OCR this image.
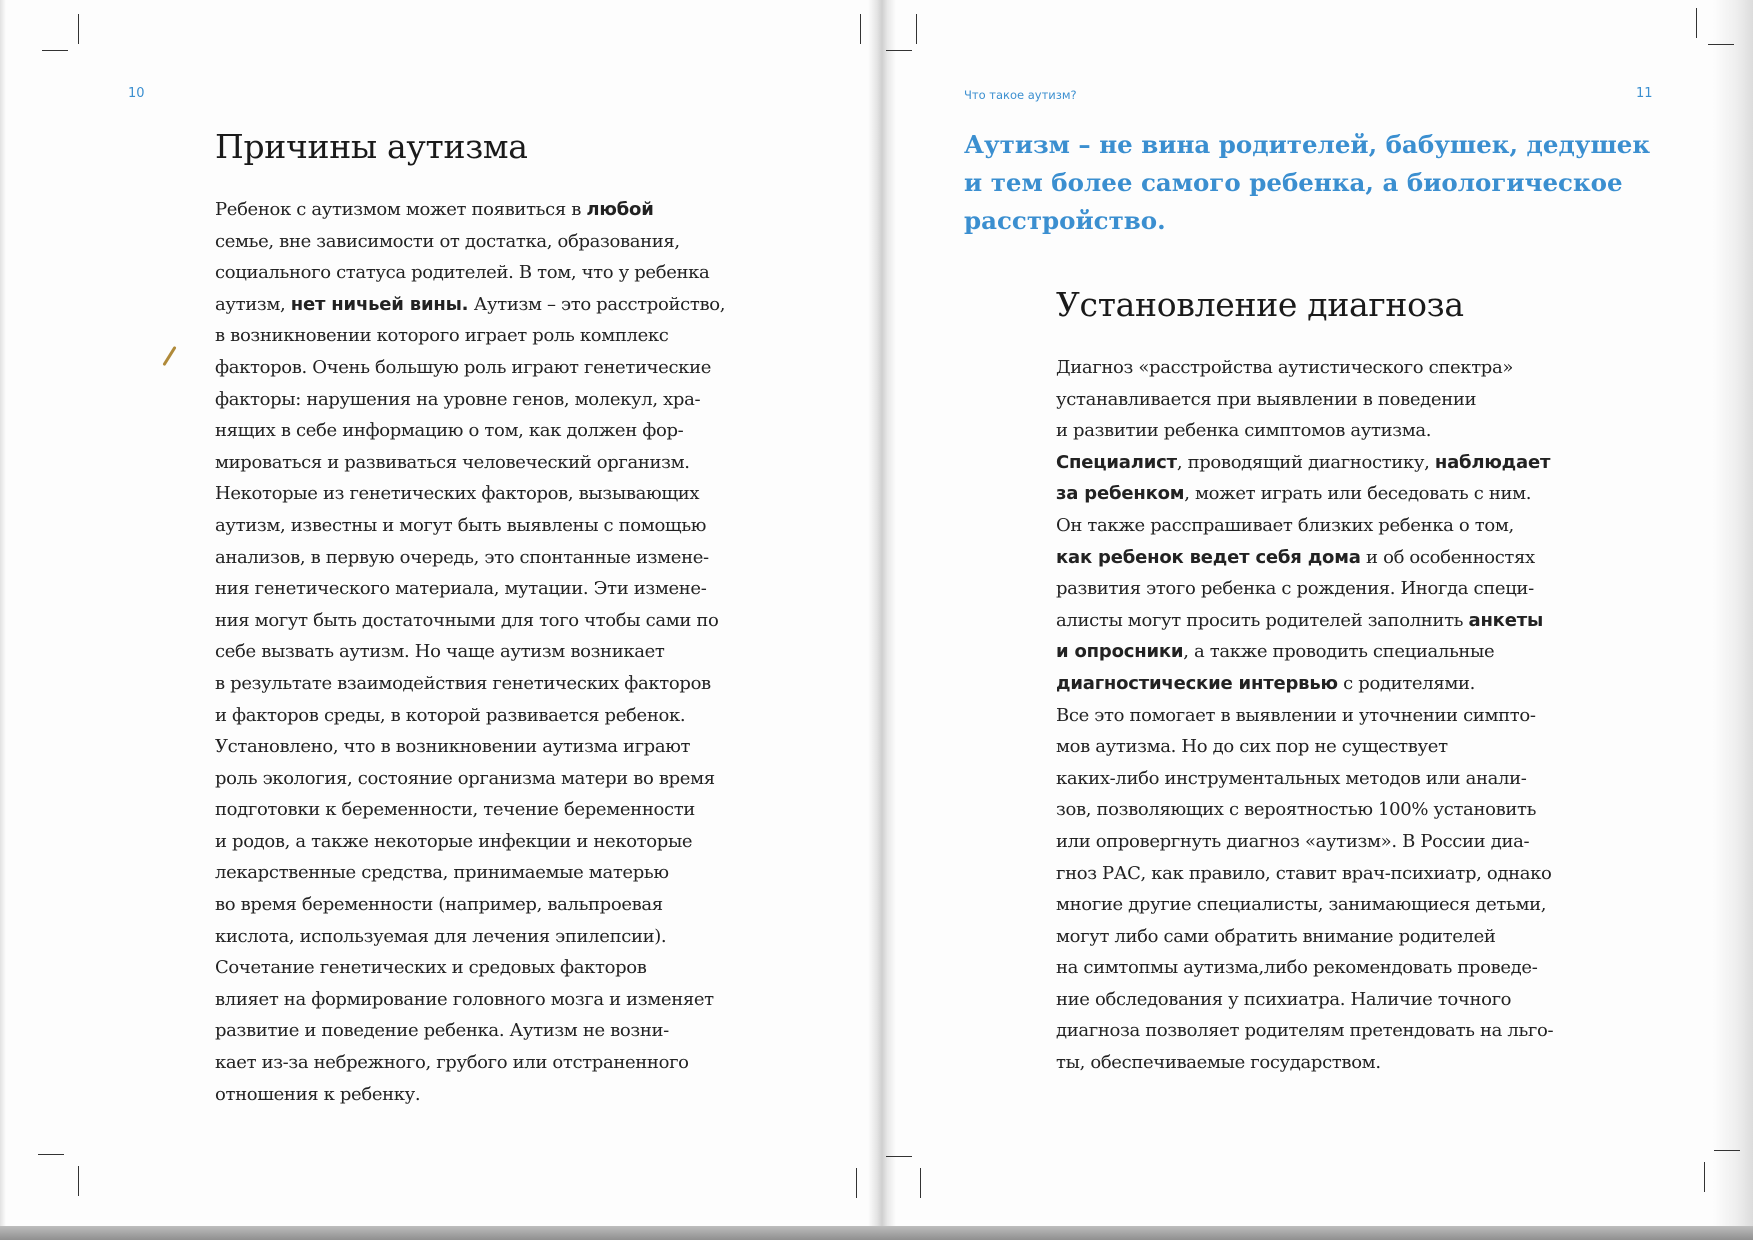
10
Причины аутизма
Ребенок с аутизмом может появиться в любой
семье, вне зависимости от достатка, образования,
социального статуса родителей. В том, что у ребенка
аутизм, нет ничьей вины. Аутизм – это расстройство,
в возникновении которого играет роль комплекс
факторов. Очень большую роль играют генетические
факторы: нарушения на уровне генов, молекул, хра-
нящих в себе информацию о том, как должен фор-
мироваться и развиваться человеческий организм.
Некоторые из генетических факторов, вызывающих
аутизм, известны и могут быть выявлены с помощью
анализов, в первую очередь, это спонтанные измене-
ния генетического материала, мутации. Эти измене-
ния могут быть достаточными для того чтобы сами по
себе вызвать аутизм. Но чаще аутизм возникает
в результате взаимодействия генетических факторов
и факторов среды, в которой развивается ребенок.
Установлено, что в возникновении аутизма играют
роль экология, состояние организма матери во время
подготовки к беременности, течение беременности
и родов, а также некоторые инфекции и некоторые
лекарственные средства, принимаемые матерью
во время беременности (например, вальпроевая
кислота, используемая для лечения эпилепсии).
Сочетание генетических и средовых факторов
влияет на формирование головного мозга и изменяет
развитие и поведение ребенка. Аутизм не возни-
кает из-за небрежного, грубого или отстраненного
отношения к ребенку.
Что такое аутизм?	11
Аутизм – не вина родителей, бабушек, дедушек
и тем более самого ребенка, а биологическое
расстройство.
Установление диагноза
Диагноз «расстройства аутистического спектра»
устанавливается при выявлении в поведении
и развитии ребенка симптомов аутизма.
Специалист, проводящий диагностику, наблюдает
за ребенком, может играть или беседовать с ним.
Он также расспрашивает близких ребенка о том,
как ребенок ведет себя дома и об особенностях
развития этого ребенка с рождения. Иногда специ-
алисты могут просить родителей заполнить анкеты
и опросники, а также проводить специальные
диагностические интервью с родителями.
Все это помогает в выявлении и уточнении симпто-
мов аутизма. Но до сих пор не существует
каких-либо инструментальных методов или анали-
зов, позволяющих с вероятностью 100% установить
или опровергнуть диагноз «аутизм». В России диа-
гноз РАС, как правило, ставит врач-психиатр, однако
многие другие специалисты, занимающиеся детьми,
могут либо сами обратить внимание родителей
на симтопмы аутизма,либо рекомендовать проведе-
ние обследования у психиатра. Наличие точного
диагноза позволяет родителям претендовать на льго-
ты, обеспечиваемые государством.
